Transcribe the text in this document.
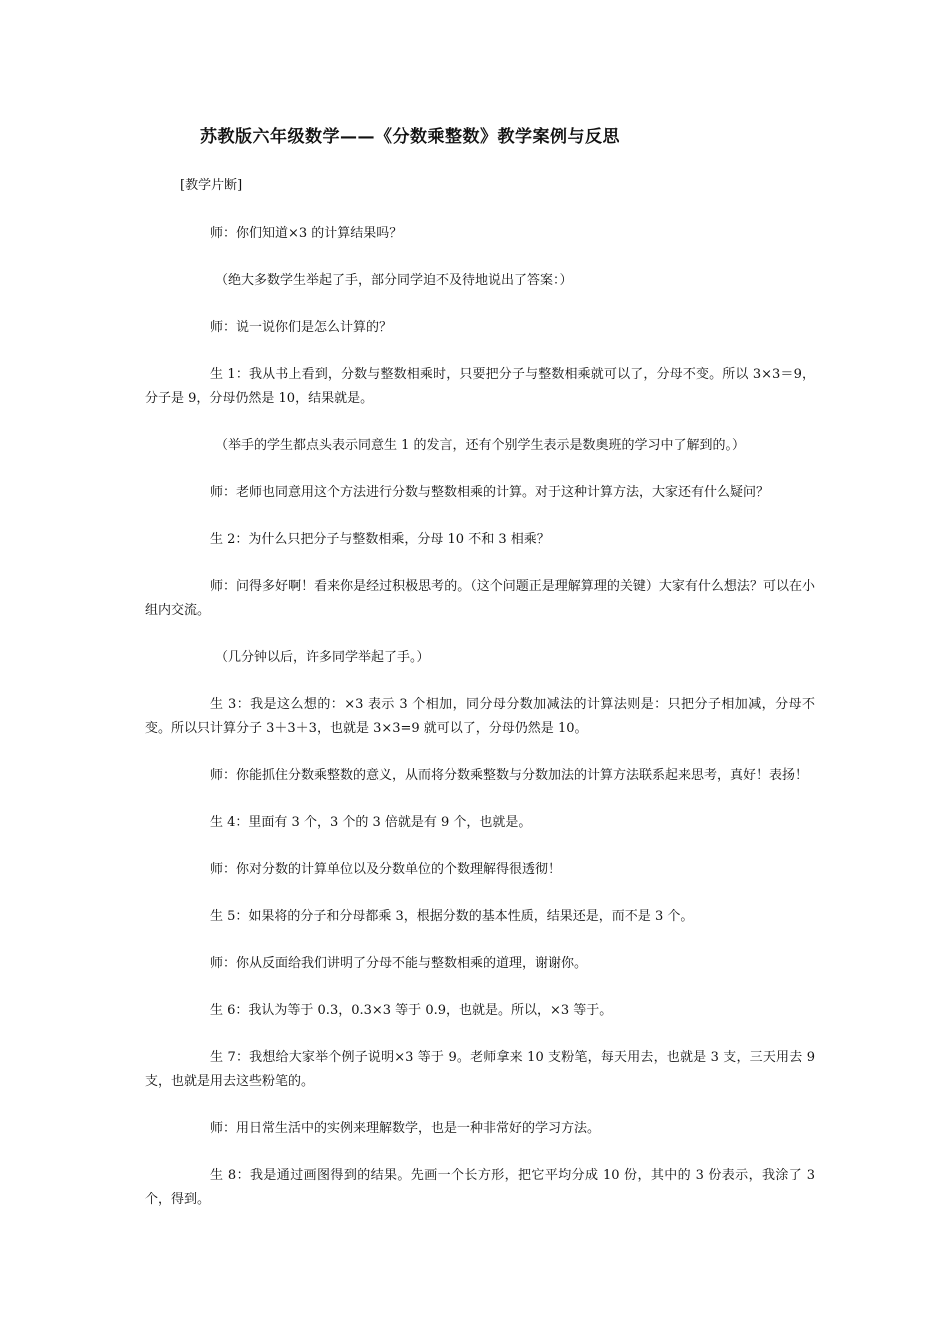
苏教版六年级数学——《分数乘整数》教学案例与反思
[教学片断]

师：你们知道×3 的计算结果吗？

（绝大多数学生举起了手，部分同学迫不及待地说出了答案：）

师：说一说你们是怎么计算的？

生 1：我从书上看到，分数与整数相乘时，只要把分子与整数相乘就可以了，分母不变。所以 3×3＝9，分子是 9，分母仍然是 10，结果就是。

（举手的学生都点头表示同意生 1 的发言，还有个别学生表示是数奥班的学习中了解到的。）

师：老师也同意用这个方法进行分数与整数相乘的计算。对于这种计算方法，大家还有什么疑问？

生 2：为什么只把分子与整数相乘，分母 10 不和 3 相乘？

师：问得多好啊！看来你是经过积极思考的。（这个问题正是理解算理的关键）大家有什么想法？可以在小组内交流。

（几分钟以后，许多同学举起了手。）

生 3：我是这么想的：×3 表示 3 个相加，同分母分数加减法的计算法则是：只把分子相加减，分母不变。所以只计算分子 3＋3＋3，也就是 3×3=9 就可以了，分母仍然是 10。

师：你能抓住分数乘整数的意义，从而将分数乘整数与分数加法的计算方法联系起来思考，真好！表扬！

生 4：里面有 3 个，3 个的 3 倍就是有 9 个，也就是。

师：你对分数的计算单位以及分数单位的个数理解得很透彻！

生 5：如果将的分子和分母都乘 3，根据分数的基本性质，结果还是，而不是 3 个。

师：你从反面给我们讲明了分母不能与整数相乘的道理，谢谢你。

生 6：我认为等于 0.3，0.3×3 等于 0.9，也就是。所以，×3 等于。

生 7：我想给大家举个例子说明×3 等于 9。老师拿来 10 支粉笔，每天用去，也就是 3 支，三天用去 9 支，也就是用去这些粉笔的。

师：用日常生活中的实例来理解数学，也是一种非常好的学习方法。

生 8：我是通过画图得到的结果。先画一个长方形，把它平均分成 10 份，其中的 3 份表示，我涂了 3 个，得到。
